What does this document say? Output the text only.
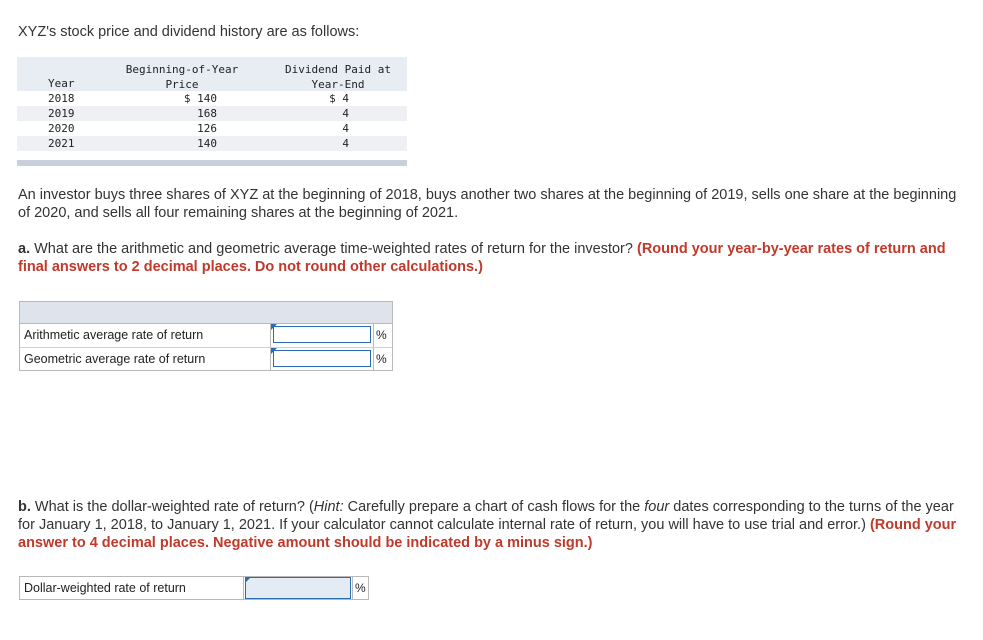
XYZ's stock price and dividend history are as follows:
Year
Beginning-of-Year
Price
Dividend Paid at
Year-End
2018	$ 140	$ 4
2019	168	4
2020	126	4
2021	140	4
An investor buys three shares of XYZ at the beginning of 2018, buys another two shares at the beginning of 2019, sells one share at the beginning of 2020, and sells all four remaining shares at the beginning of 2021.
a. What are the arithmetic and geometric average time-weighted rates of return for the investor? (Round your year-by-year rates of return and final answers to 2 decimal places. Do not round other calculations.)
Arithmetic average rate of return	%
Geometric average rate of return	%
b. What is the dollar-weighted rate of return? (Hint: Carefully prepare a chart of cash flows for the four dates corresponding to the turns of the year for January 1, 2018, to January 1, 2021. If your calculator cannot calculate internal rate of return, you will have to use trial and error.) (Round your answer to 4 decimal places. Negative amount should be indicated by a minus sign.)
Dollar-weighted rate of return	%
